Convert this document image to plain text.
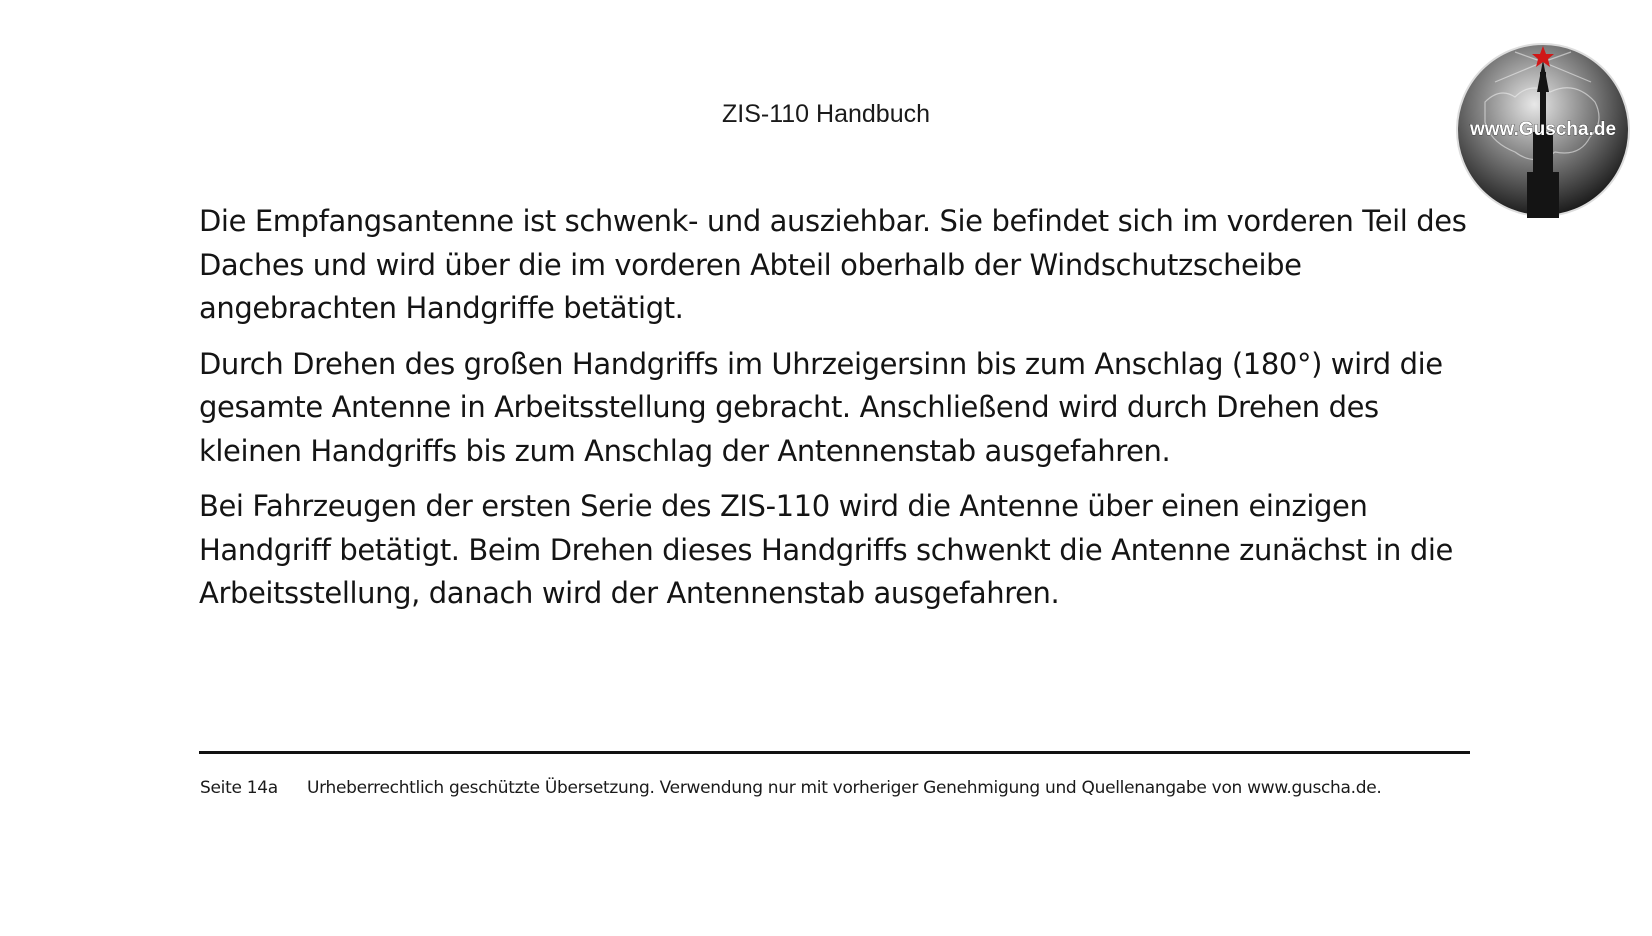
ZIS-110 Handbuch
www.Guscha.de

Die Empfangsantenne ist schwenk- und ausziehbar. Sie befindet sich im vorderen Teil des Daches und wird über die im vorderen Abteil oberhalb der Windschutzscheibe angebrachten Handgriffe betätigt.

Durch Drehen des großen Handgriffs im Uhrzeigersinn bis zum Anschlag (180°) wird die gesamte Antenne in Arbeitsstellung gebracht. Anschließend wird durch Drehen des kleinen Handgriffs bis zum Anschlag der Antennenstab ausgefahren.

Bei Fahrzeugen der ersten Serie des ZIS-110 wird die Antenne über einen einzigen Handgriff betätigt. Beim Drehen dieses Handgriffs schwenkt die Antenne zunächst in die Arbeitsstellung, danach wird der Antennenstab ausgefahren.

Seite 14a Urheberrechtlich geschützte Übersetzung. Verwendung nur mit vorheriger Genehmigung und Quellenangabe von www.guscha.de.
